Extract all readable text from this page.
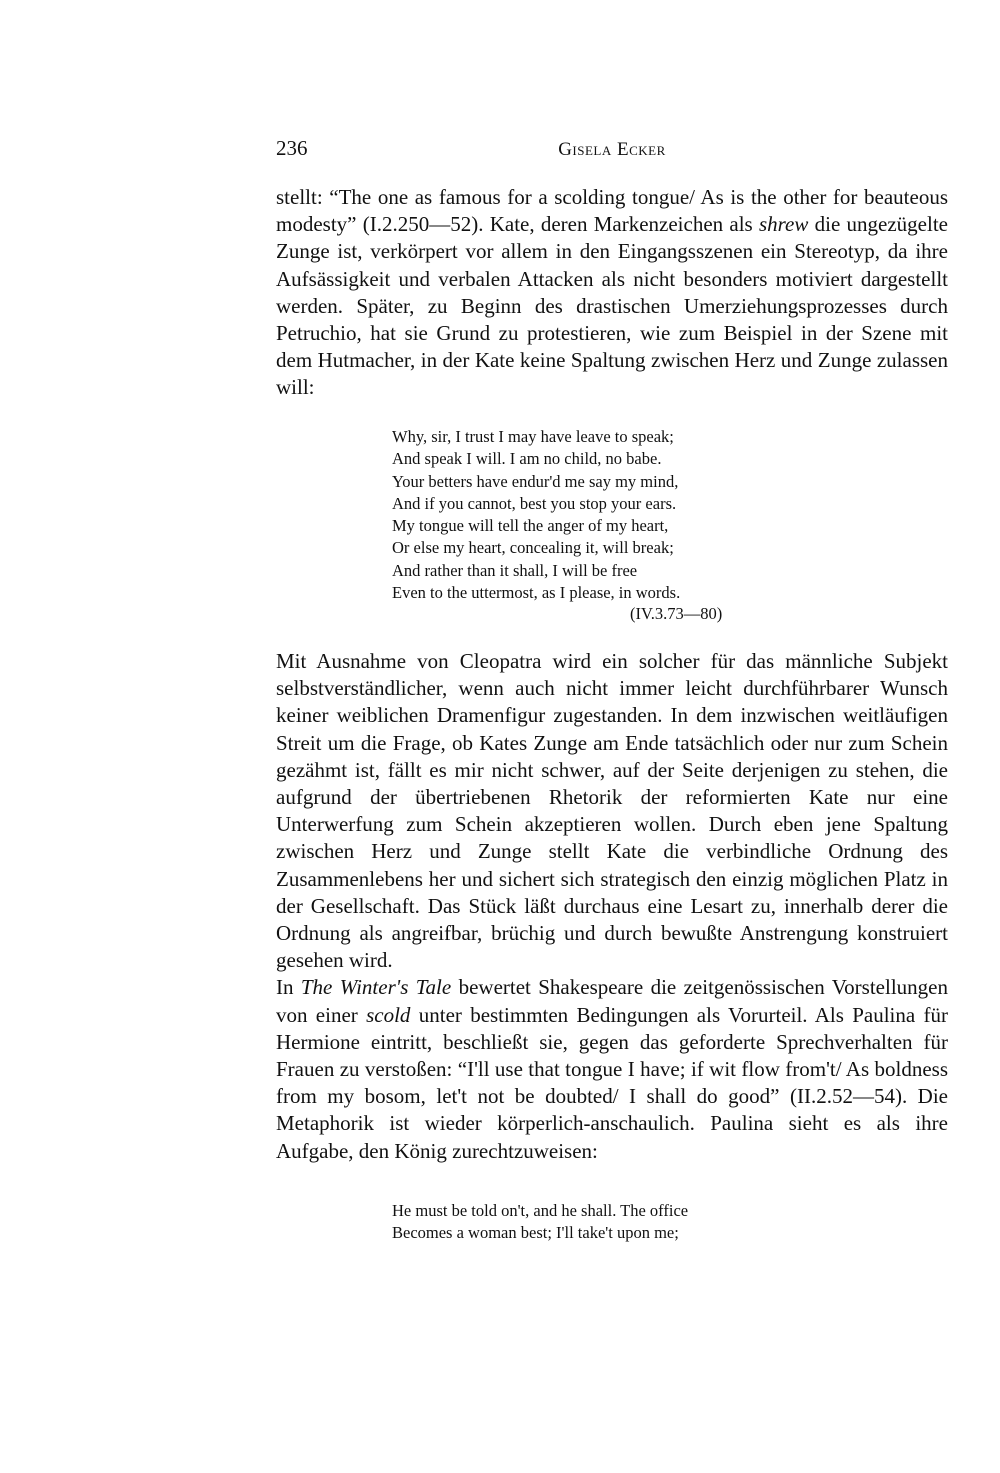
236	Gisela Ecker

stellt: “The one as famous for a scolding tongue/ As is the other for beauteous modesty” (I.2.250—52). Kate, deren Markenzeichen als shrew die ungezügelte Zunge ist, verkörpert vor allem in den Eingangsszenen ein Stereotyp, da ihre Aufsässigkeit und verbalen Attacken als nicht besonders motiviert dargestellt werden. Später, zu Beginn des drastischen Umerziehungsprozesses durch Petruchio, hat sie Grund zu protestieren, wie zum Beispiel in der Szene mit dem Hutmacher, in der Kate keine Spaltung zwischen Herz und Zunge zulassen will:

Why, sir, I trust I may have leave to speak;
And speak I will. I am no child, no babe.
Your betters have endur'd me say my mind,
And if you cannot, best you stop your ears.
My tongue will tell the anger of my heart,
Or else my heart, concealing it, will break;
And rather than it shall, I will be free
Even to the uttermost, as I please, in words.
(IV.3.73—80)

Mit Ausnahme von Cleopatra wird ein solcher für das männliche Subjekt selbstverständlicher, wenn auch nicht immer leicht durchführbarer Wunsch keiner weiblichen Dramenfigur zugestanden. In dem inzwischen weitläufigen Streit um die Frage, ob Kates Zunge am Ende tatsächlich oder nur zum Schein gezähmt ist, fällt es mir nicht schwer, auf der Seite derjenigen zu stehen, die aufgrund der übertriebenen Rhetorik der reformierten Kate nur eine Unterwerfung zum Schein akzeptieren wollen. Durch eben jene Spaltung zwischen Herz und Zunge stellt Kate die verbindliche Ordnung des Zusammenlebens her und sichert sich strategisch den einzig möglichen Platz in der Gesellschaft. Das Stück läßt durchaus eine Lesart zu, innerhalb derer die Ordnung als angreifbar, brüchig und durch bewußte Anstrengung konstruiert gesehen wird.

In The Winter's Tale bewertet Shakespeare die zeitgenössischen Vorstellungen von einer scold unter bestimmten Bedingungen als Vorurteil. Als Paulina für Hermione eintritt, beschließt sie, gegen das geforderte Sprechverhalten für Frauen zu verstoßen: “I'll use that tongue I have; if wit flow from't/ As boldness from my bosom, let't not be doubted/ I shall do good” (II.2.52—54). Die Metaphorik ist wieder körperlich-anschaulich. Paulina sieht es als ihre Aufgabe, den König zurechtzuweisen:

He must be told on't, and he shall. The office
Becomes a woman best; I'll take't upon me;
